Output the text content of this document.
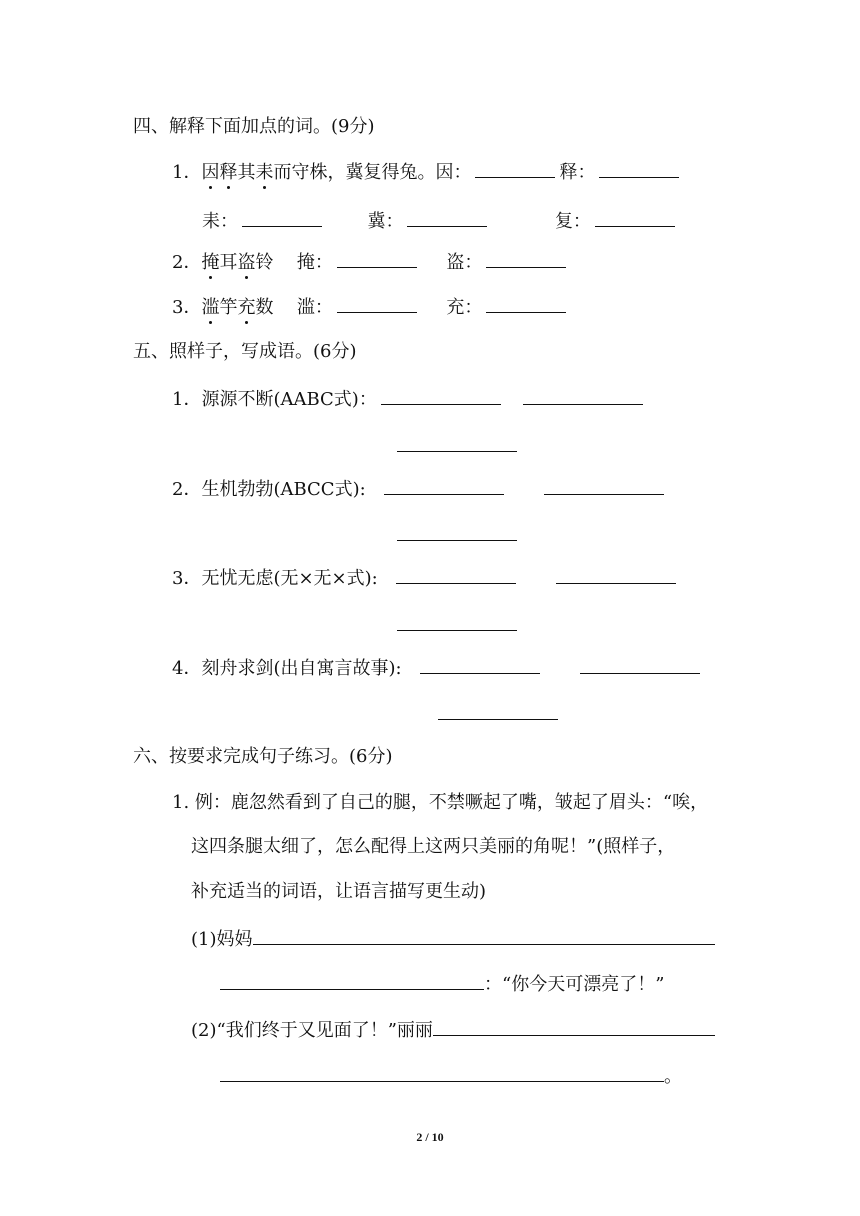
四、解释下面加点的词。(9分)
1．因释其耒而守株，冀复得兔。因：	释：
耒：	冀：	复：
2．掩耳盗铃 掩：	盗：
3．滥竽充数 滥：	充：
五、照样子，写成语。(6分)
1．源源不断(AABC式)：
2．生机勃勃(ABCC式):
3．无忧无虑(无×无×式):
4．刻舟求剑(出自寓言故事):
六、按要求完成句子练习。(6分)
1. 例：鹿忽然看到了自己的腿，不禁噘起了嘴，皱起了眉头：“唉，
这四条腿太细了，怎么配得上这两只美丽的角呢！”(照样子，
补充适当的词语，让语言描写更生动)
(1)妈妈
：“你今天可漂亮了！”
(2)“我们终于又见面了！”丽丽
。
2 / 10
